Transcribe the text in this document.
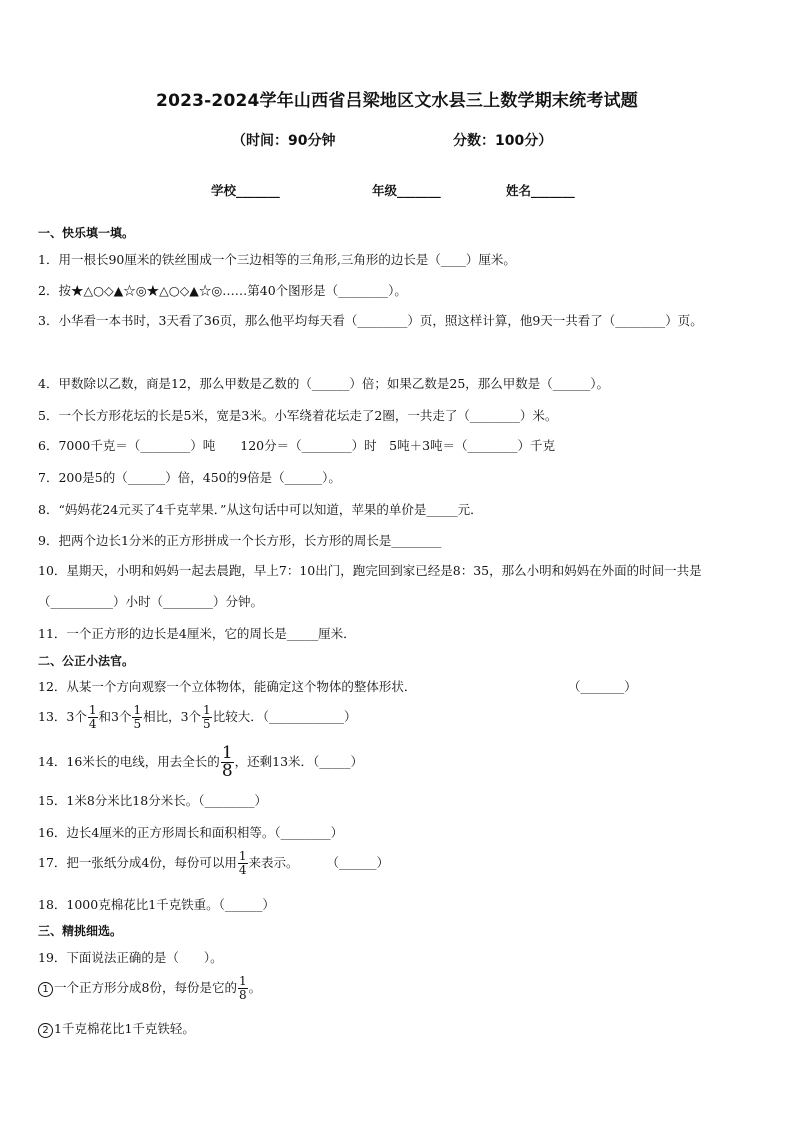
2023-2024学年山西省吕梁地区文水县三上数学期末统考试题
（时间：90分钟	分数：100分）
学校_______	年级_______	姓名_______
一、快乐填一填。
1．用一根长90厘米的铁丝围成一个三边相等的三角形,三角形的边长是（____）厘米。
2．按★△○◇▲☆◎★△○◇▲☆◎……第40个图形是（________）。
3．小华看一本书时，3天看了36页，那么他平均每天看（________）页，照这样计算，他9天一共看了（________）页。
4．甲数除以乙数，商是12，那么甲数是乙数的（______）倍；如果乙数是25，那么甲数是（______）。
5．一个长方形花坛的长是5米，宽是3米。小军绕着花坛走了2圈，一共走了（________）米。
6．7000千克＝（________）吨　　120分＝（________）时　5吨＋3吨＝（________）千克
7．200是5的（______）倍，450的9倍是（______）。
8．“妈妈花24元买了4千克苹果．”从这句话中可以知道，苹果的单价是_____元．
9．把两个边长1分米的正方形拼成一个长方形，长方形的周长是________
10．星期天，小明和妈妈一起去晨跑，早上7：10出门，跑完回到家已经是8：35，那么小明和妈妈在外面的时间一共是（__________）小时（________）分钟。
11．一个正方形的边长是4厘米，它的周长是_____厘米．
二、公正小法官。
12．从某一个方向观察一个立体物体，能确定这个物体的整体形状．	（_______）
13．3个 $\frac{1}{4}$ 和3个 $\frac{1}{5}$ 相比，3个 $\frac{1}{5}$ 比较大．（____________）
14．16米长的电线，用去全长的 $\frac{1}{8}$ ，还剩13米．（_____）
15．1米8分米比18分米长。（________）
16．边长4厘米的正方形周长和面积相等。（________）
17．把一张纸分成4份，每份可以用 $\frac{1}{4}$ 来表示。 （______）
18．1000克棉花比1千克铁重。（______）
三、精挑细选。
19．下面说法正确的是（　　）。
1 一个正方形分成8份，每份是它的 $\frac{1}{8}$ 。
2 1千克棉花比1千克铁轻。
